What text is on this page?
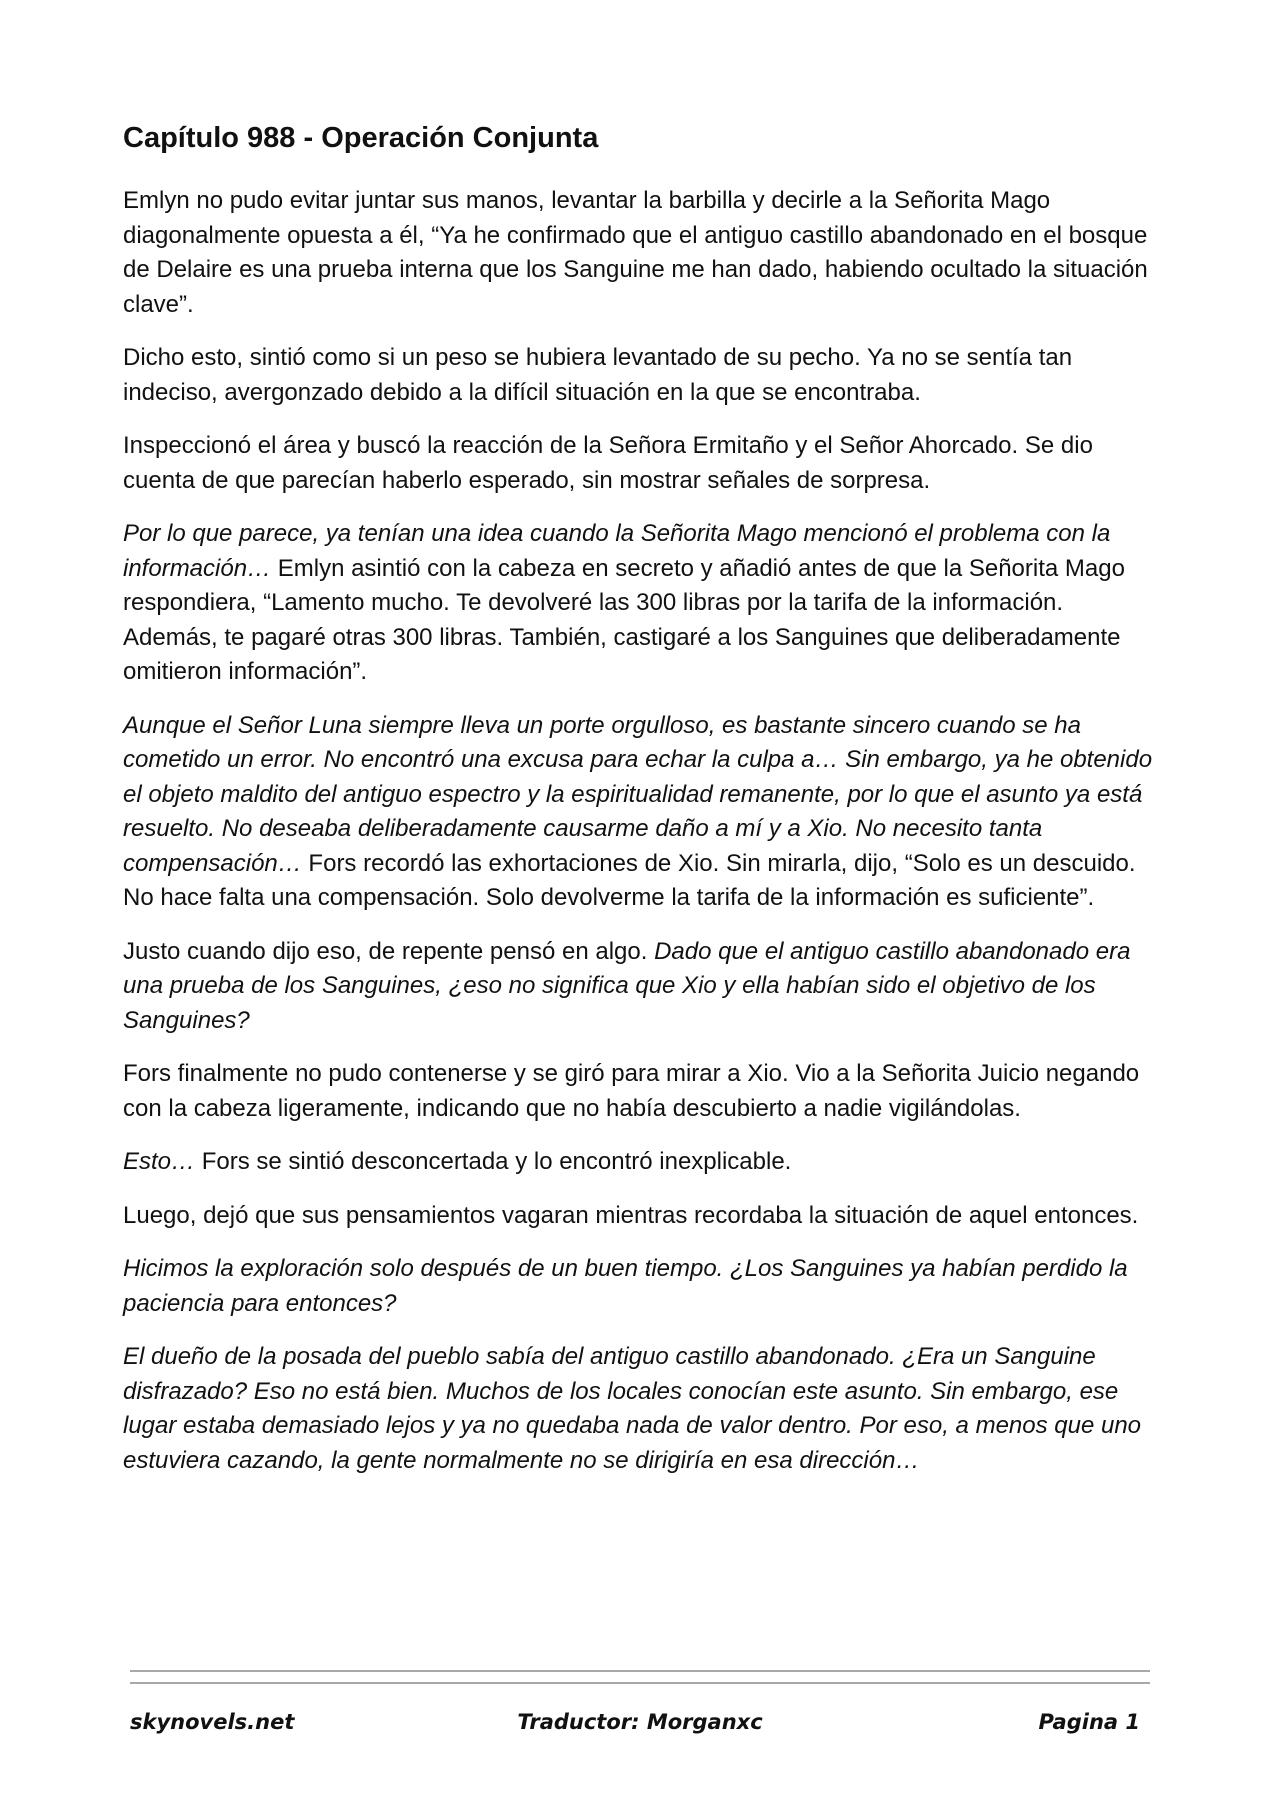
Capítulo 988 - Operación Conjunta

Emlyn no pudo evitar juntar sus manos, levantar la barbilla y decirle a la Señorita Mago diagonalmente opuesta a él, “Ya he confirmado que el antiguo castillo abandonado en el bosque de Delaire es una prueba interna que los Sanguine me han dado, habiendo ocultado la situación clave”.

Dicho esto, sintió como si un peso se hubiera levantado de su pecho. Ya no se sentía tan indeciso, avergonzado debido a la difícil situación en la que se encontraba.

Inspeccionó el área y buscó la reacción de la Señora Ermitaño y el Señor Ahorcado. Se dio cuenta de que parecían haberlo esperado, sin mostrar señales de sorpresa.

Por lo que parece, ya tenían una idea cuando la Señorita Mago mencionó el problema con la información… Emlyn asintió con la cabeza en secreto y añadió antes de que la Señorita Mago respondiera, “Lamento mucho. Te devolveré las 300 libras por la tarifa de la información. Además, te pagaré otras 300 libras. También, castigaré a los Sanguines que deliberadamente omitieron información”.

Aunque el Señor Luna siempre lleva un porte orgulloso, es bastante sincero cuando se ha cometido un error. No encontró una excusa para echar la culpa a… Sin embargo, ya he obtenido el objeto maldito del antiguo espectro y la espiritualidad remanente, por lo que el asunto ya está resuelto. No deseaba deliberadamente causarme daño a mí y a Xio. No necesito tanta compensación… Fors recordó las exhortaciones de Xio. Sin mirarla, dijo, “Solo es un descuido. No hace falta una compensación. Solo devolverme la tarifa de la información es suficiente”.

Justo cuando dijo eso, de repente pensó en algo. Dado que el antiguo castillo abandonado era una prueba de los Sanguines, ¿eso no significa que Xio y ella habían sido el objetivo de los Sanguines?

Fors finalmente no pudo contenerse y se giró para mirar a Xio. Vio a la Señorita Juicio negando con la cabeza ligeramente, indicando que no había descubierto a nadie vigilándolas.

Esto… Fors se sintió desconcertada y lo encontró inexplicable.

Luego, dejó que sus pensamientos vagaran mientras recordaba la situación de aquel entonces.

Hicimos la exploración solo después de un buen tiempo. ¿Los Sanguines ya habían perdido la paciencia para entonces?

El dueño de la posada del pueblo sabía del antiguo castillo abandonado. ¿Era un Sanguine disfrazado? Eso no está bien. Muchos de los locales conocían este asunto. Sin embargo, ese lugar estaba demasiado lejos y ya no quedaba nada de valor dentro. Por eso, a menos que uno estuviera cazando, la gente normalmente no se dirigiría en esa dirección…

skynovels.net	Traductor: Morganxc	Pagina 1
